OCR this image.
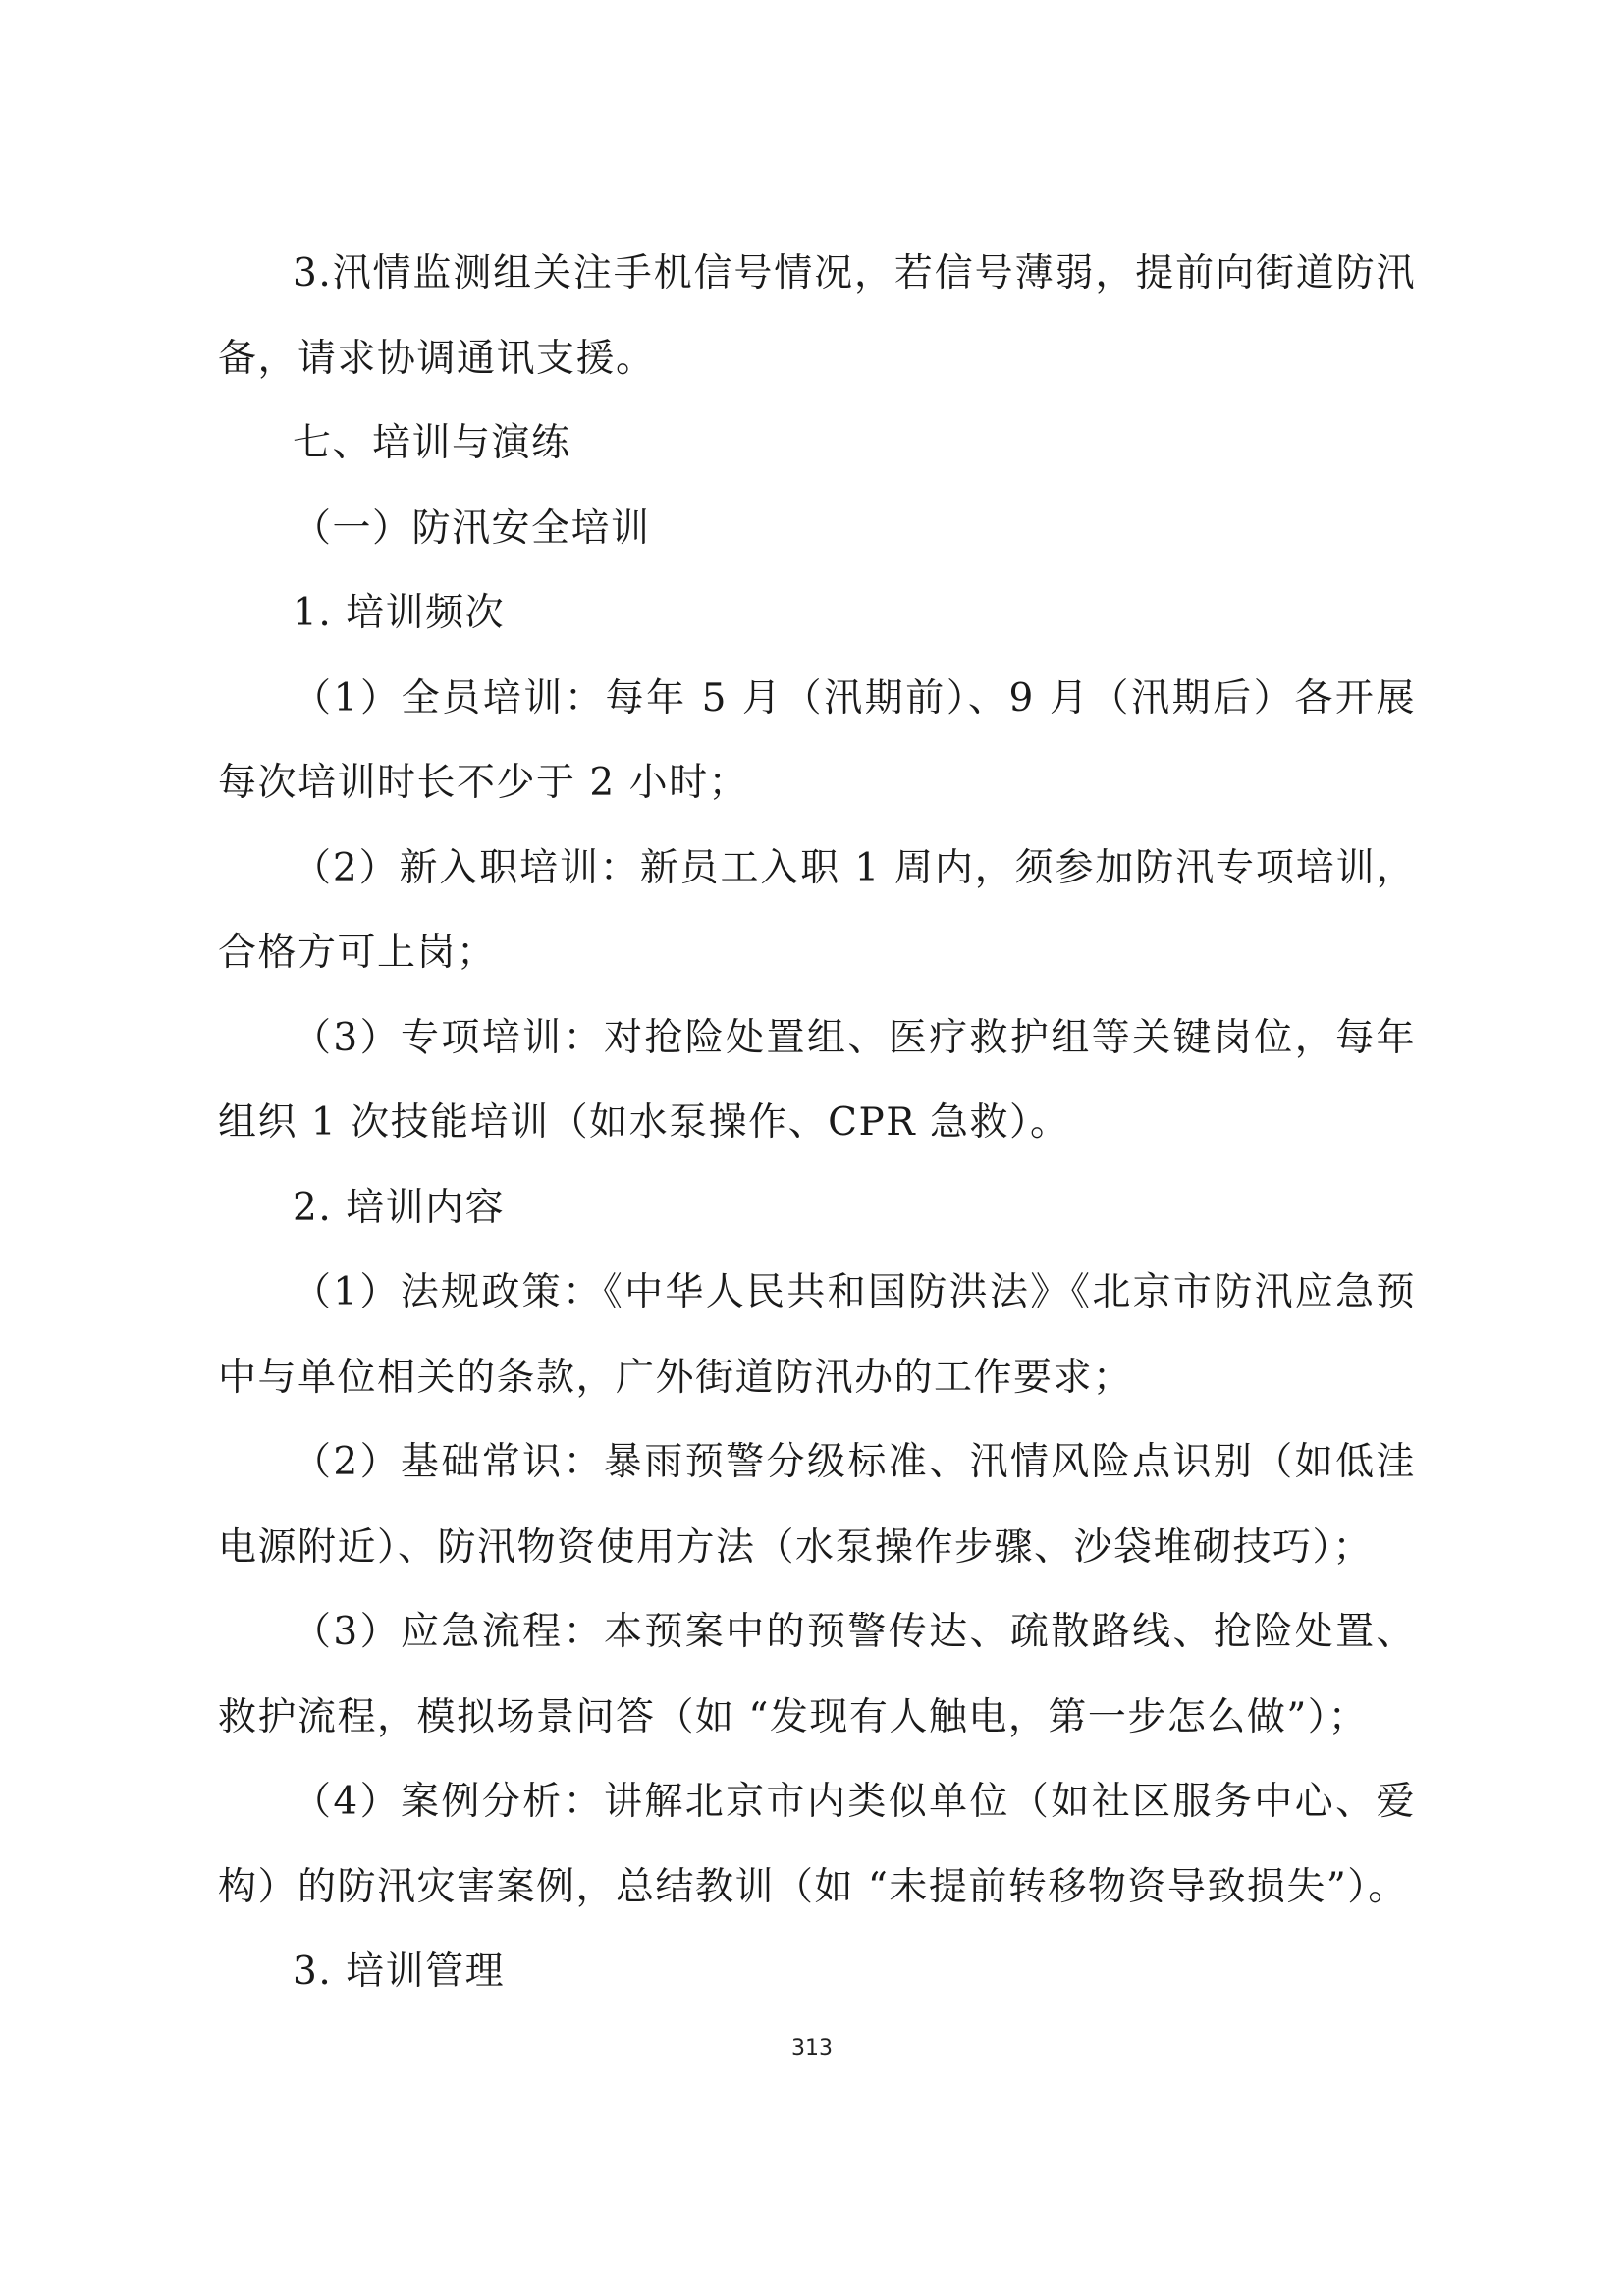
3.汛情监测组关注手机信号情况，若信号薄弱，提前向街道防汛
备，请求协调通讯支援。
七、培训与演练
（一）防汛安全培训
1. 培训频次
（1）全员培训：每年 5 月（汛期前）、9 月（汛期后）各开展
每次培训时长不少于 2 小时；
（2）新入职培训：新员工入职 1 周内，须参加防汛专项培训，
合格方可上岗；
（3）专项培训：对抢险处置组、医疗救护组等关键岗位，每年
组织 1 次技能培训（如水泵操作、CPR 急救）。
2. 培训内容
（1）法规政策：《中华人民共和国防洪法》《北京市防汛应急预
中与单位相关的条款，广外街道防汛办的工作要求；
（2）基础常识：暴雨预警分级标准、汛情风险点识别（如低洼
电源附近）、防汛物资使用方法（水泵操作步骤、沙袋堆砌技巧）；
（3）应急流程：本预案中的预警传达、疏散路线、抢险处置、
救护流程，模拟场景问答（如 “发现有人触电，第一步怎么做”）；
（4）案例分析：讲解北京市内类似单位（如社区服务中心、爱
构）的防汛灾害案例，总结教训（如 “未提前转移物资导致损失”）。
3. 培训管理
313
